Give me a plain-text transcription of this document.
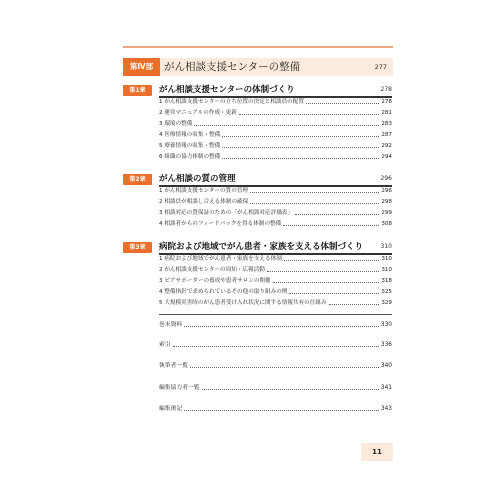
第Ⅳ部	がん相談支援センターの整備	277
第1章	がん相談支援センターの体制づくり	278
1 がん相談支援センターの立ち位置の決定と相談員の配置	278
2 運営マニュアルの作成・更新	281
3 環境の整備	283
4 医療情報の収集・整備	287
5 療養情報の収集・整備	292
6 組織の協力体制の整備	294
第2章	がん相談の質の管理	296
1 がん相談支援センターの質の管理	296
2 相談員が相談し合える体制の確保	298
3 相談対応の質保証のための「がん相談対応評価表」	299
4 相談者からのフィードバックを得る体制の整備	308
第3章	病院および地域でがん患者・家族を支える体制づくり	310
1 病院および地域でがん患者・家族を支える体制	310
2 がん相談支援センターの周知・広報活動	310
3 ピアサポーターの養成や患者サロンの開催	318
4 整備指針で求められているその他の取り組みの例	325
5 大規模災害時のがん患者受け入れ状況に関する情報共有の仕組み	329
巻末資料	330
索引	336
執筆者一覧	340
編集協力者一覧	341
編集後記	343
11
